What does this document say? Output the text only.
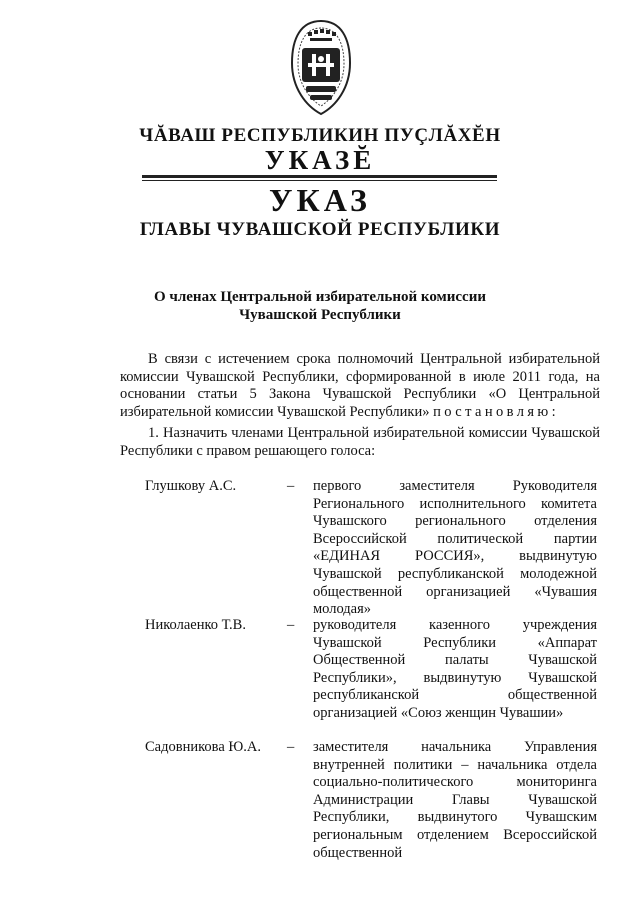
ЧĂВАШ РЕСПУБЛИКИН ПУÇЛĂХĔН

УКАЗĔ

УКАЗ

ГЛАВЫ ЧУВАШСКОЙ РЕСПУБЛИКИ

О членах Центральной избирательной комиссии
Чувашской Республики
В связи с истечением срока полномочий Центральной избирательной комиссии Чувашской Республики, сформированной в июле 2011 года, на основании статьи 5 Закона Чувашской Республики «О Центральной избирательной комиссии Чувашской Республики» постановляю:
1. Назначить членами Центральной избирательной комиссии Чувашской Республики с правом решающего голоса:
Глушкову А.С.	– первого заместителя Руководителя Регионального исполнительного комитета Чувашского регионального отделения Всероссийской политической партии «ЕДИНАЯ РОССИЯ», выдвинутую Чувашской республиканской молодежной общественной организацией «Чувашия молодая»
Николаенко Т.В.	– руководителя казенного учреждения Чувашской Республики «Аппарат Общественной палаты Чувашской Республики», выдвинутую Чувашской республиканской общественной организацией «Союз женщин Чувашии»
Садовникова Ю.А. – заместителя начальника Управления внутренней политики – начальника отдела социально-политического мониторинга Администрации Главы Чувашской Республики, выдвинутого Чувашским региональным отделением Всероссийской общественной
